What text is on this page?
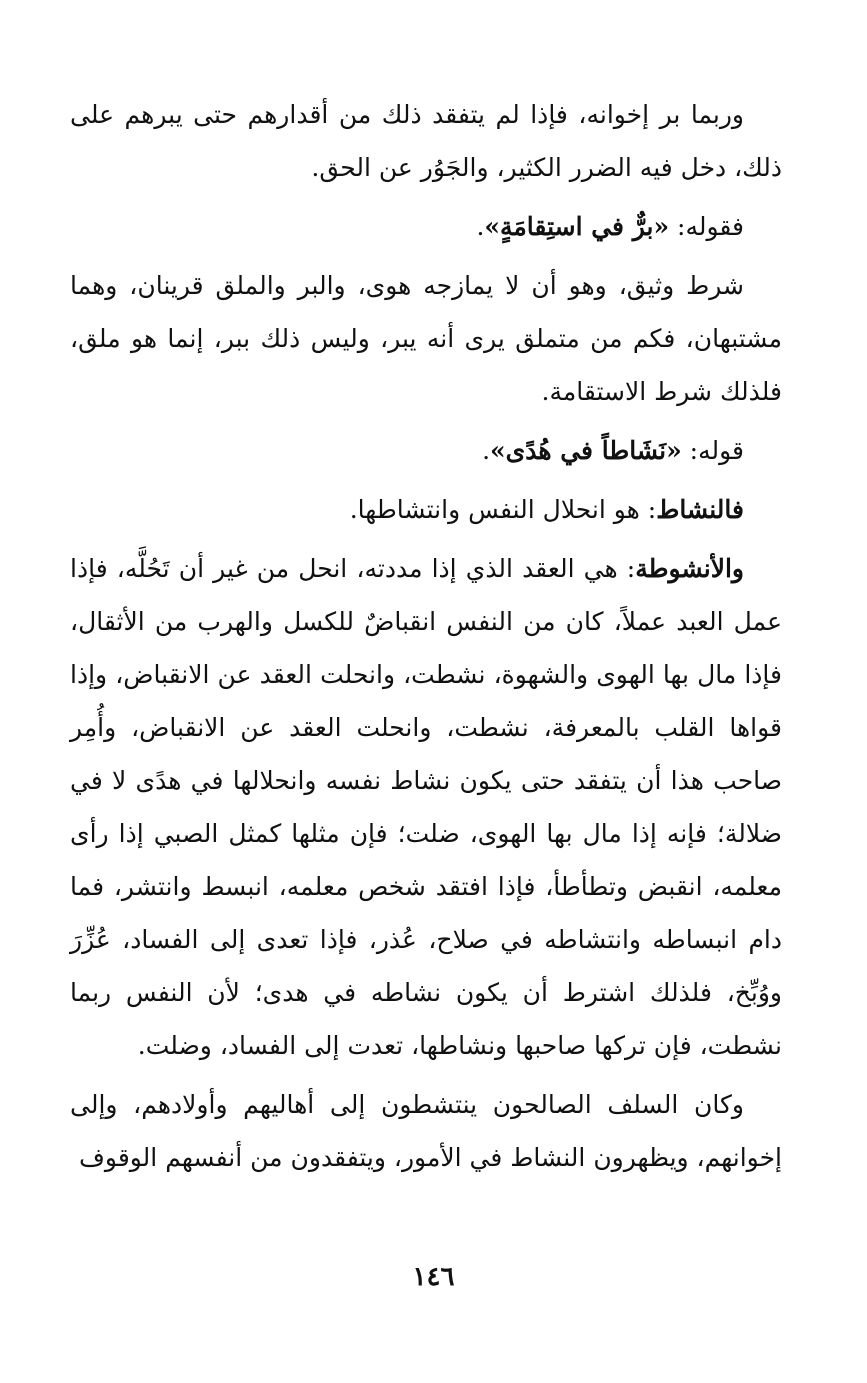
وربما بر إخوانه، فإذا لم يتفقد ذلك من أقدارهم حتى يبرهم على ذلك، دخل فيه الضرر الكثير، والجَوُر عن الحق.

فقوله: «برٌّ في استِقامَةٍ».

شرط وثيق، وهو أن لا يمازجه هوى، والبر والملق قرينان، وهما مشتبهان، فكم من متملق يرى أنه يبر، وليس ذلك ببر، إنما هو ملق، فلذلك شرط الاستقامة.

قوله: «نَشَاطاً في هُدًى».

فالنشاط: هو انحلال النفس وانتشاطها.

والأنشوطة: هي العقد الذي إذا مددته، انحل من غير أن تَحُلَّه، فإذا عمل العبد عملاً، كان من النفس انقباضٌ للكسل والهرب من الأثقال، فإذا مال بها الهوى والشهوة، نشطت، وانحلت العقد عن الانقباض، وإذا قواها القلب بالمعرفة، نشطت، وانحلت العقد عن الانقباض، وأُمِر صاحب هذا أن يتفقد حتى يكون نشاط نفسه وانحلالها في هدًى لا في ضلالة؛ فإنه إذا مال بها الهوى، ضلت؛ فإن مثلها كمثل الصبي إذا رأى معلمه، انقبض وتطأطأ، فإذا افتقد شخص معلمه، انبسط وانتشر، فما دام انبساطه وانتشاطه في صلاح، عُذر، فإذا تعدى إلى الفساد، عُزِّرَ ووُبِّخ، فلذلك اشترط أن يكون نشاطه في هدى؛ لأن النفس ربما نشطت، فإن تركها صاحبها ونشاطها، تعدت إلى الفساد، وضلت.

وكان السلف الصالحون ينتشطون إلى أهاليهم وأولادهم، وإلى إخوانهم، ويظهرون النشاط في الأمور، ويتفقدون من أنفسهم الوقوف

١٤٦
